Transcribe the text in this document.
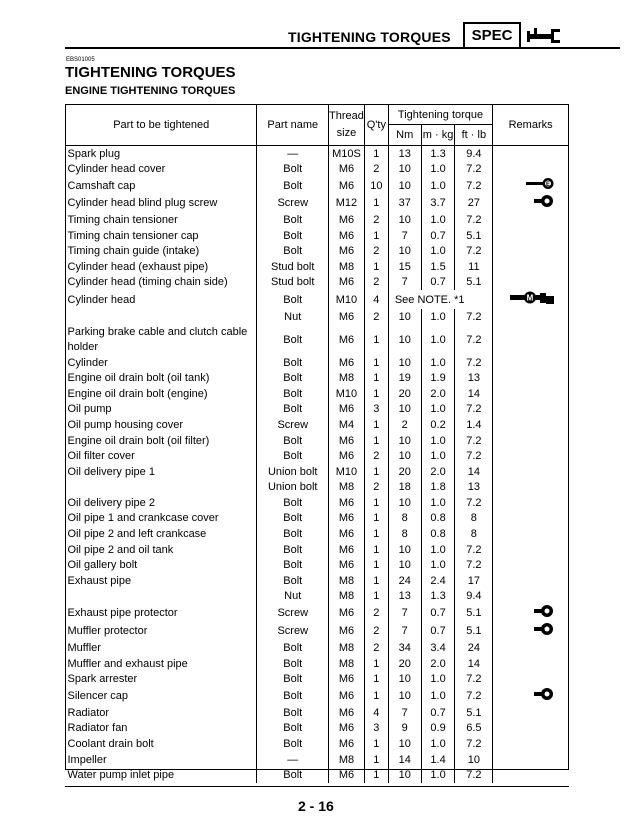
TIGHTENING TORQUES	SPEC
EBS01005
TIGHTENING TORQUES
ENGINE TIGHTENING TORQUES
Part to be tightened	Part name	Thread size	Q'ty	Tightening torque			Remarks
				Nm	m · kg	ft · lb	
Spark plug	—	M10S	1	13	1.3	9.4	
Cylinder head cover	Bolt	M6	2	10	1.0	7.2	
Camshaft cap	Bolt	M6	10	10	1.0	7.2	E

Cylinder head blind plug screw	Screw	M12	1	37	3.7	27	
Timing chain tensioner	Bolt	M6	2	10	1.0	7.2	
Timing chain tensioner cap	Bolt	M6	1	7	0.7	5.1	
Timing chain guide (intake)	Bolt	M6	2	10	1.0	7.2	
Cylinder head (exhaust pipe)	Stud bolt	M8	1	15	1.5	11	
Cylinder head (timing chain side)	Stud bolt	M6	2	7	0.7	5.1	
Cylinder head	Bolt	M10	4	See NOTE. *1			M

	Nut	M6	2	10	1.0	7.2	
Parking brake cable and clutch cable holder	Bolt	M6	1	10	1.0	7.2	
Cylinder	Bolt	M6	1	10	1.0	7.2	
Engine oil drain bolt (oil tank)	Bolt	M8	1	19	1.9	13	
Engine oil drain bolt (engine)	Bolt	M10	1	20	2.0	14	
Oil pump	Bolt	M6	3	10	1.0	7.2	
Oil pump housing cover	Screw	M4	1	2	0.2	1.4	
Engine oil drain bolt (oil filter)	Bolt	M6	1	10	1.0	7.2	
Oil filter cover	Bolt	M6	2	10	1.0	7.2	
Oil delivery pipe 1	Union bolt	M10	1	20	2.0	14	
	Union bolt	M8	2	18	1.8	13	
Oil delivery pipe 2	Bolt	M6	1	10	1.0	7.2	
Oil pipe 1 and crankcase cover	Bolt	M6	1	8	0.8	8	
Oil pipe 2 and left crankcase	Bolt	M6	1	8	0.8	8	
Oil pipe 2 and oil tank	Bolt	M6	1	10	1.0	7.2	
Oil gallery bolt	Bolt	M6	1	10	1.0	7.2	
Exhaust pipe	Bolt	M8	1	24	2.4	17	
	Nut	M8	1	13	1.3	9.4	
Exhaust pipe protector	Screw	M6	2	7	0.7	5.1	
Muffler protector	Screw	M6	2	7	0.7	5.1	
Muffler	Bolt	M8	2	34	3.4	24	
Muffler and exhaust pipe	Bolt	M8	1	20	2.0	14	
Spark arrester	Bolt	M6	1	10	1.0	7.2	
Silencer cap	Bolt	M6	1	10	1.0	7.2	
Radiator	Bolt	M6	4	7	0.7	5.1	
Radiator fan	Bolt	M6	3	9	0.9	6.5	
Coolant drain bolt	Bolt	M6	1	10	1.0	7.2	
Impeller	—	M8	1	14	1.4	10	
Water pump inlet pipe	Bolt	M6	1	10	1.0	7.2	
2 - 16
